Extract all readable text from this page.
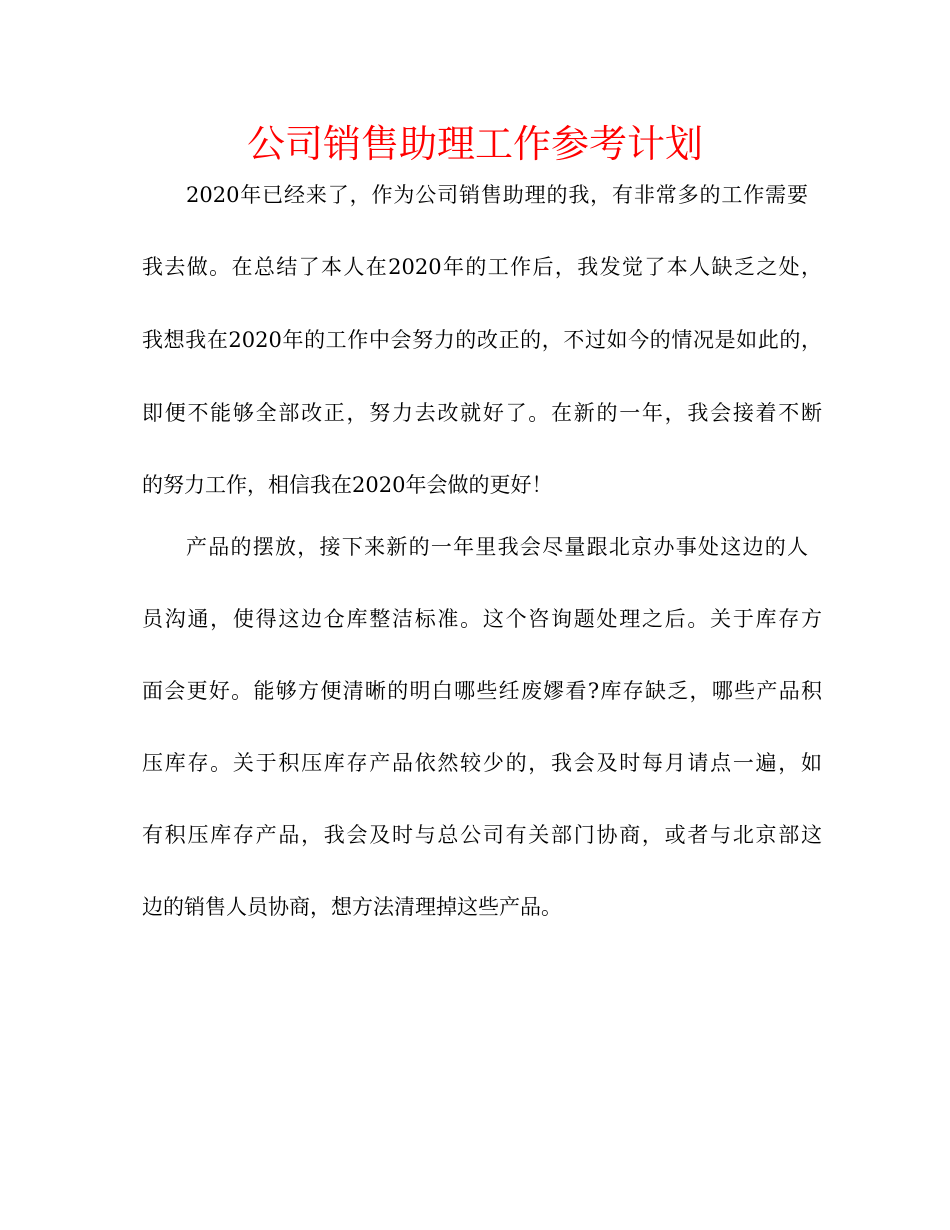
公司销售助理工作参考计划
2020年已经来了，作为公司销售助理的我，有非常多的工作需要
我去做。在总结了本人在2020年的工作后，我发觉了本人缺乏之处，
我想我在2020年的工作中会努力的改正的，不过如今的情况是如此的，
即便不能够全部改正，努力去改就好了。在新的一年，我会接着不断
的努力工作，相信我在2020年会做的更好！
产品的摆放，接下来新的一年里我会尽量跟北京办事处这边的人
员沟通，使得这边仓库整洁标准。这个咨询题处理之后。关于库存方
面会更好。能够方便清晰的明白哪些纴废嫪看?库存缺乏，哪些产品积
压库存。关于积压库存产品依然较少的，我会及时每月请点一遍，如
有积压库存产品，我会及时与总公司有关部门协商，或者与北京部这
边的销售人员协商，想方法清理掉这些产品。
